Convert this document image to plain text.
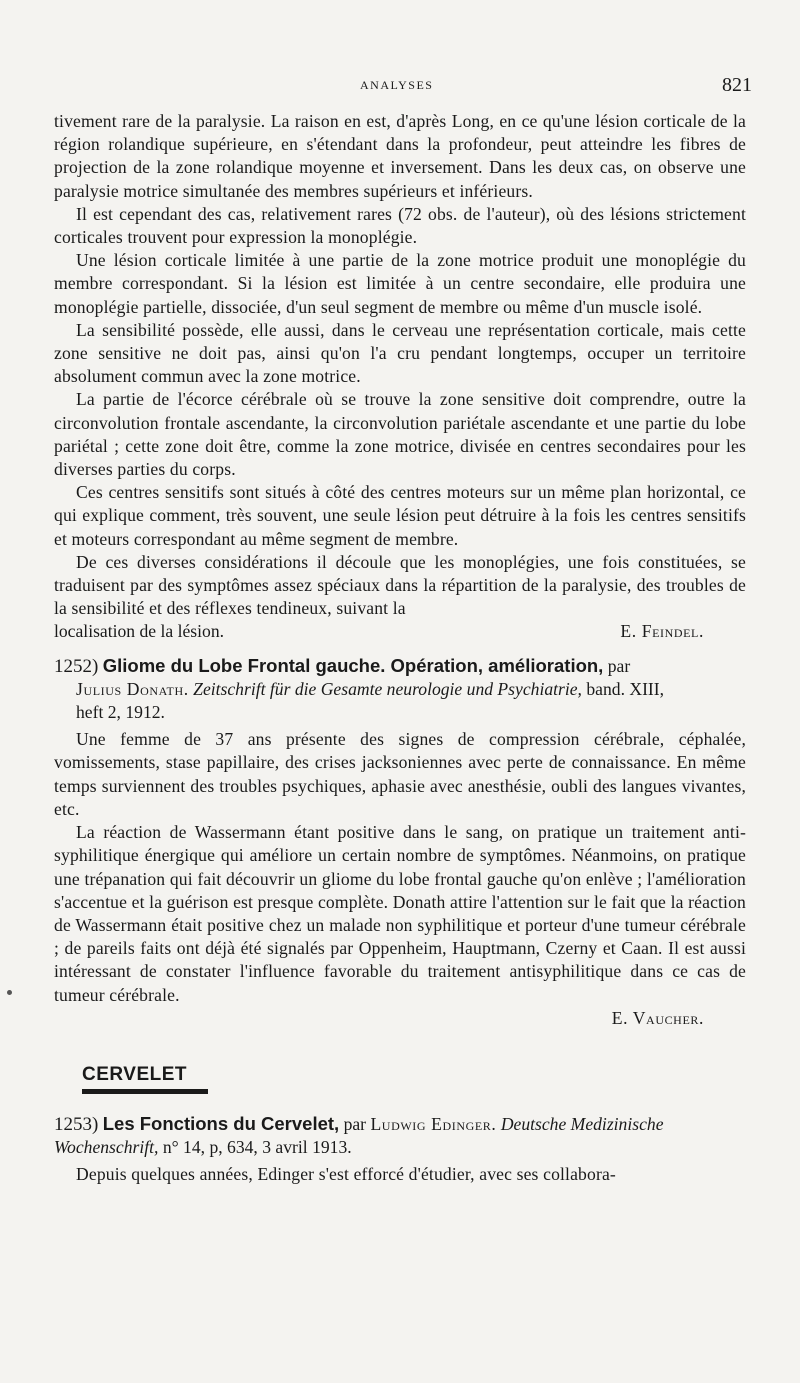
ANALYSES	821

tivement rare de la paralysie. La raison en est, d'après Long, en ce qu'une lésion corticale de la région rolandique supérieure, en s'étendant dans la profondeur, peut atteindre les fibres de projection de la zone rolandique moyenne et inversement. Dans les deux cas, on observe une paralysie motrice simultanée des membres supérieurs et inférieurs.

Il est cependant des cas, relativement rares (72 obs. de l'auteur), où des lésions strictement corticales trouvent pour expression la monoplégie.

Une lésion corticale limitée à une partie de la zone motrice produit une monoplégie du membre correspondant. Si la lésion est limitée à un centre secondaire, elle produira une monoplégie partielle, dissociée, d'un seul segment de membre ou même d'un muscle isolé.

La sensibilité possède, elle aussi, dans le cerveau une représentation corticale, mais cette zone sensitive ne doit pas, ainsi qu'on l'a cru pendant longtemps, occuper un territoire absolument commun avec la zone motrice.

La partie de l'écorce cérébrale où se trouve la zone sensitive doit comprendre, outre la circonvolution frontale ascendante, la circonvolution pariétale ascendante et une partie du lobe pariétal ; cette zone doit être, comme la zone motrice, divisée en centres secondaires pour les diverses parties du corps.

Ces centres sensitifs sont situés à côté des centres moteurs sur un même plan horizontal, ce qui explique comment, très souvent, une seule lésion peut détruire à la fois les centres sensitifs et moteurs correspondant au même segment de membre.

De ces diverses considérations il découle que les monoplégies, une fois constituées, se traduisent par des symptômes assez spéciaux dans la répartition de la paralysie, des troubles de la sensibilité et des réflexes tendineux, suivant la

localisation de la lésion.	E. Feindel.
1252) Gliome du Lobe Frontal gauche. Opération, amélioration, par
Julius Donath. Zeitschrift für die Gesamte neurologie und Psychiatrie, band. XIII,
heft 2, 1912.

Une femme de 37 ans présente des signes de compression cérébrale, céphalée, vomissements, stase papillaire, des crises jacksoniennes avec perte de connaissance. En même temps surviennent des troubles psychiques, aphasie avec anesthésie, oubli des langues vivantes, etc.

La réaction de Wassermann étant positive dans le sang, on pratique un traitement anti-syphilitique énergique qui améliore un certain nombre de symptômes. Néanmoins, on pratique une trépanation qui fait découvrir un gliome du lobe frontal gauche qu'on enlève ; l'amélioration s'accentue et la guérison est presque complète. Donath attire l'attention sur le fait que la réaction de Wassermann était positive chez un malade non syphilitique et porteur d'une tumeur cérébrale ; de pareils faits ont déjà été signalés par Oppenheim, Hauptmann, Czerny et Caan. Il est aussi intéressant de constater l'influence favorable du traitement antisyphilitique dans ce cas de tumeur cérébrale.

E. Vaucher.
CERVELET
1253) Les Fonctions du Cervelet, par Ludwig Edinger. Deutsche Medizinische Wochenschrift, n° 14, p, 634, 3 avril 1913.

Depuis quelques années, Edinger s'est efforcé d'étudier, avec ses collabora-
